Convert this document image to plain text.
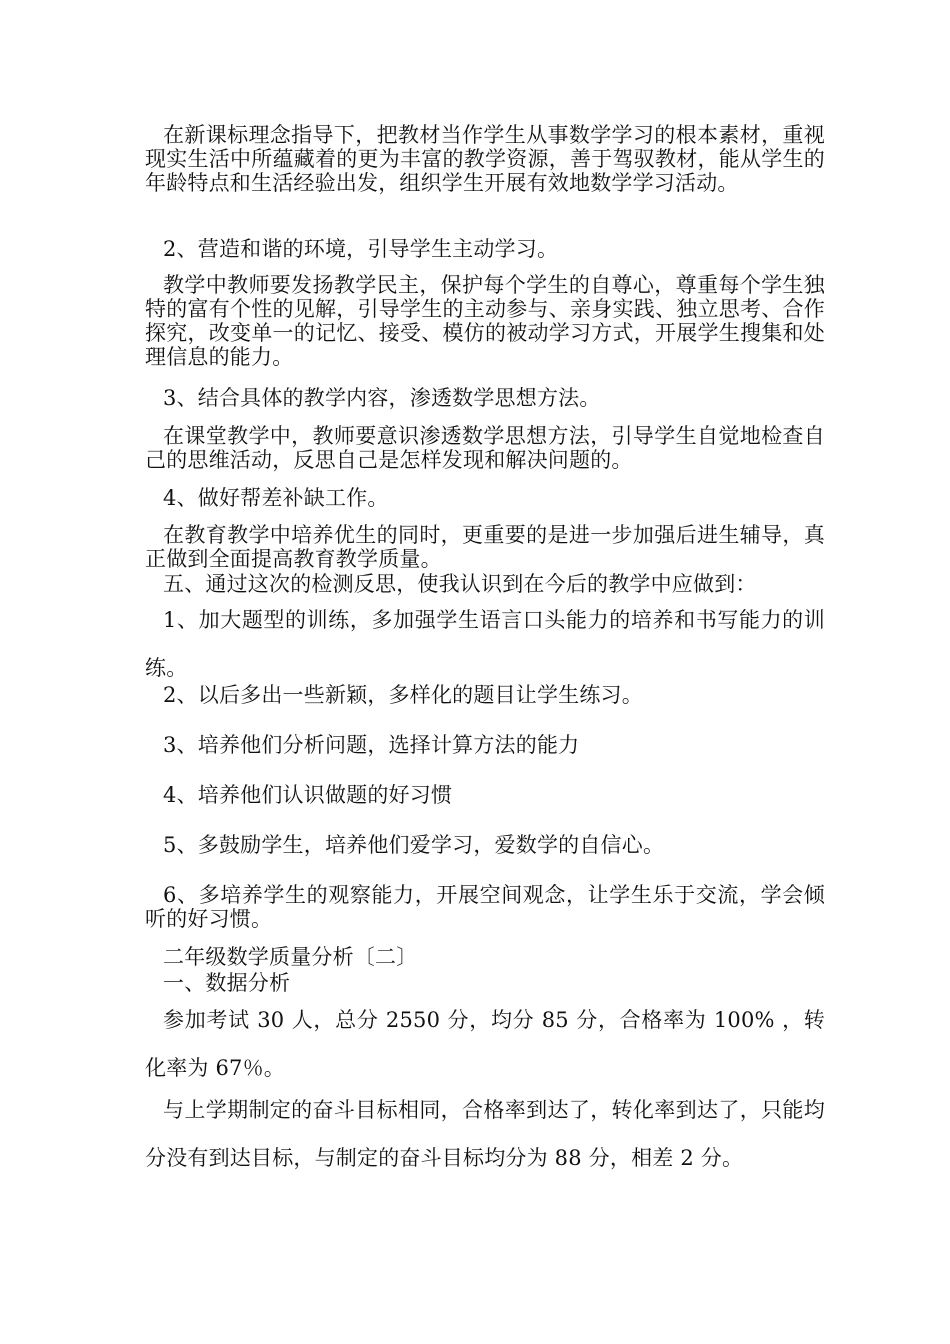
在新课标理念指导下，把教材当作学生从事数学学习的根本素材，重视现实生活中所蕴藏着的更为丰富的教学资源，善于驾驭教材，能从学生的年龄特点和生活经验出发，组织学生开展有效地数学学习活动。

2、营造和谐的环境，引导学生主动学习。

教学中教师要发扬教学民主，保护每个学生的自尊心，尊重每个学生独特的富有个性的见解，引导学生的主动参与、亲身实践、独立思考、合作探究，改变单一的记忆、接受、模仿的被动学习方式，开展学生搜集和处理信息的能力。

3、结合具体的教学内容，渗透数学思想方法。

在课堂教学中，教师要意识渗透数学思想方法，引导学生自觉地检查自己的思维活动，反思自己是怎样发现和解决问题的。

4、做好帮差补缺工作。

在教育教学中培养优生的同时，更重要的是进一步加强后进生辅导，真正做到全面提高教育教学质量。

五、通过这次的检测反思，使我认识到在今后的教学中应做到：

1、加大题型的训练，多加强学生语言口头能力的培养和书写能力的训练。

2、以后多出一些新颖，多样化的题目让学生练习。

3、培养他们分析问题，选择计算方法的能力

4、培养他们认识做题的好习惯

5、多鼓励学生，培养他们爱学习，爱数学的自信心。

6、多培养学生的观察能力，开展空间观念，让学生乐于交流，学会倾听的好习惯。

二年级数学质量分析〔二〕

一、数据分析

参加考试 30 人，总分 2550 分，均分 85 分，合格率为 100% ，转化率为 67％。

与上学期制定的奋斗目标相同，合格率到达了，转化率到达了，只能均分没有到达目标，与制定的奋斗目标均分为 88 分，相差 2 分。
